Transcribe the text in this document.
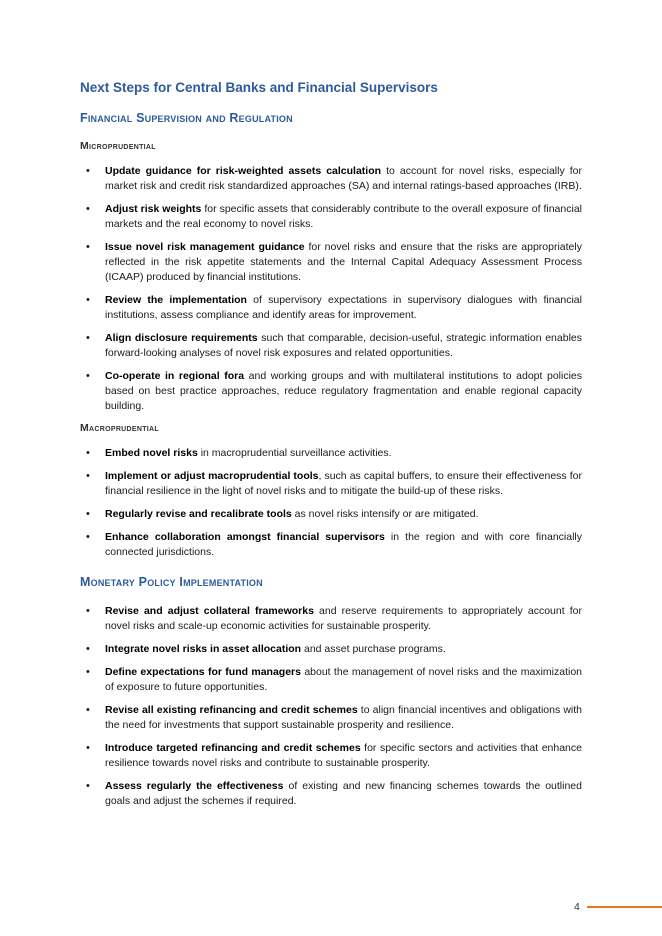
Next Steps for Central Banks and Financial Supervisors
Financial Supervision and Regulation
Microprudential
• Update guidance for risk-weighted assets calculation to account for novel risks, especially for market risk and credit risk standardized approaches (SA) and internal ratings-based approaches (IRB).
• Adjust risk weights for specific assets that considerably contribute to the overall exposure of financial markets and the real economy to novel risks.
• Issue novel risk management guidance for novel risks and ensure that the risks are appropriately reflected in the risk appetite statements and the Internal Capital Adequacy Assessment Process (ICAAP) produced by financial institutions.
• Review the implementation of supervisory expectations in supervisory dialogues with financial institutions, assess compliance and identify areas for improvement.
• Align disclosure requirements such that comparable, decision-useful, strategic information enables forward-looking analyses of novel risk exposures and related opportunities.
• Co-operate in regional fora and working groups and with multilateral institutions to adopt policies based on best practice approaches, reduce regulatory fragmentation and enable regional capacity building.
Macroprudential
• Embed novel risks in macroprudential surveillance activities.
• Implement or adjust macroprudential tools, such as capital buffers, to ensure their effectiveness for financial resilience in the light of novel risks and to mitigate the build-up of these risks.
• Regularly revise and recalibrate tools as novel risks intensify or are mitigated.
• Enhance collaboration amongst financial supervisors in the region and with core financially connected jurisdictions.
Monetary Policy Implementation
• Revise and adjust collateral frameworks and reserve requirements to appropriately account for novel risks and scale-up economic activities for sustainable prosperity.
• Integrate novel risks in asset allocation and asset purchase programs.
• Define expectations for fund managers about the management of novel risks and the maximization of exposure to future opportunities.
• Revise all existing refinancing and credit schemes to align financial incentives and obligations with the need for investments that support sustainable prosperity and resilience.
• Introduce targeted refinancing and credit schemes for specific sectors and activities that enhance resilience towards novel risks and contribute to sustainable prosperity.
• Assess regularly the effectiveness of existing and new financing schemes towards the outlined goals and adjust the schemes if required.
4
